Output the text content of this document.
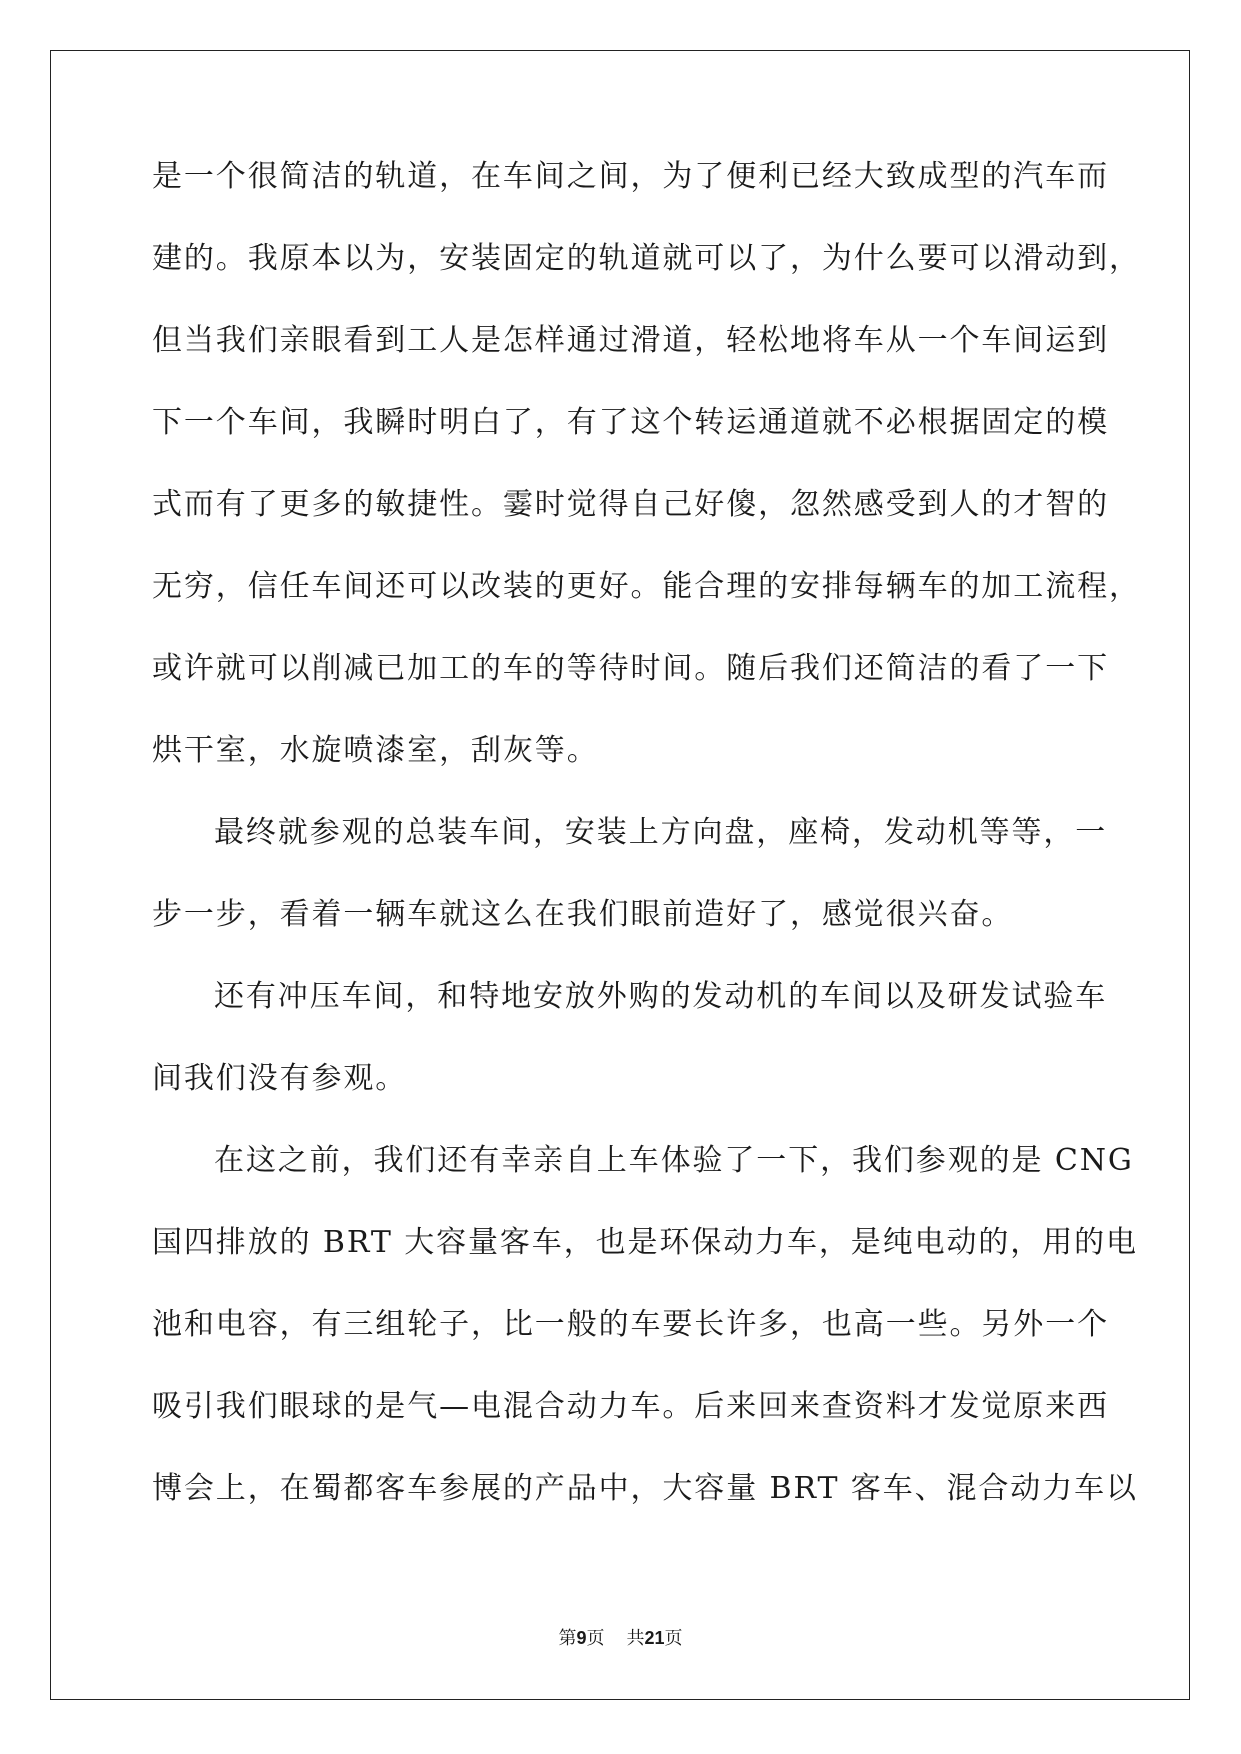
是一个很简洁的轨道，在车间之间，为了便利已经大致成型的汽车而
建的。我原本以为，安装固定的轨道就可以了，为什么要可以滑动到，
但当我们亲眼看到工人是怎样通过滑道，轻松地将车从一个车间运到
下一个车间，我瞬时明白了，有了这个转运通道就不必根据固定的模
式而有了更多的敏捷性。霎时觉得自己好傻，忽然感受到人的才智的
无穷，信任车间还可以改装的更好。能合理的安排每辆车的加工流程，
或许就可以削减已加工的车的等待时间。随后我们还简洁的看了一下
烘干室，水旋喷漆室，刮灰等。
最终就参观的总装车间，安装上方向盘，座椅，发动机等等，一
步一步，看着一辆车就这么在我们眼前造好了，感觉很兴奋。
还有冲压车间，和特地安放外购的发动机的车间以及研发试验车
间我们没有参观。
在这之前，我们还有幸亲自上车体验了一下，我们参观的是 CNG
国四排放的 BRT 大容量客车，也是环保动力车，是纯电动的，用的电
池和电容，有三组轮子，比一般的车要长许多，也高一些。另外一个
吸引我们眼球的是气—电混合动力车。后来回来查资料才发觉原来西
博会上，在蜀都客车参展的产品中，大容量 BRT 客车、混合动力车以
第9页 共21页
